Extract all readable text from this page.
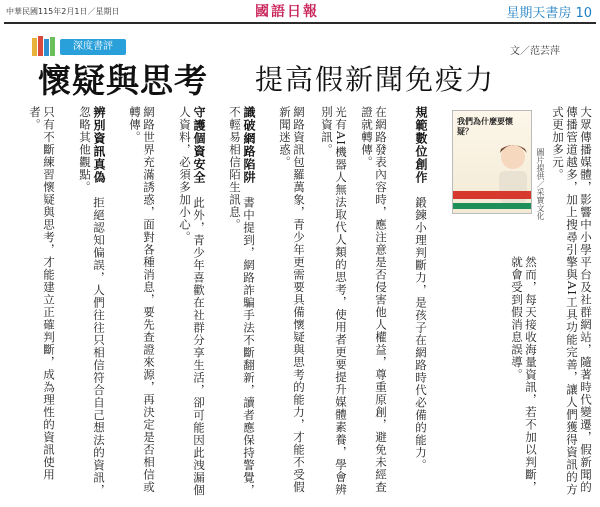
中華民國115年2月1日／星期日	國語日報	星期天書房 10
深度書評
懷疑與思考 提高假新聞免疫力
文／范芸萍
我們為什麼要懷疑？
圖片提供／采實文化	大眾傳播媒體，影響中小學平台及社群網站，隨著時代變遷，假新聞的傳播管道越多，加上搜尋引擎與AI工具功能完善，讓人們獲得資訊的方式更加多元。
然而，每天接收海量資訊，若不加以判斷，就會受到假消息誤導。
規範數位創作　鍛鍊小理判斷力，是孩子在網路時代必備的能力。
在網路發表內容時，應注意是否侵害他人權益，尊重原創，避免未經查證就轉傳。
光有AI機器人無法取代人類的思考，使用者更要提升媒體素養，學會辨別資訊。
網路資訊包羅萬象，青少年更需要具備懷疑與思考的能力，才能不受假新聞迷惑。
識破網路陷阱　書中提到，網路詐騙手法不斷翻新，讀者應保持警覺，不輕易相信陌生訊息。
守護個資安全　此外，青少年喜歡在社群分享生活，卻可能因此洩漏個人資料，必須多加小心。
網路世界充滿誘惑，面對各種消息，要先查證來源，再決定是否相信或轉傳。
辨別資訊真偽　拒絕認知偏誤，人們往往只相信符合自己想法的資訊，忽略其他觀點。
只有不斷練習懷疑與思考，才能建立正確判斷，成為理性的資訊使用者。
